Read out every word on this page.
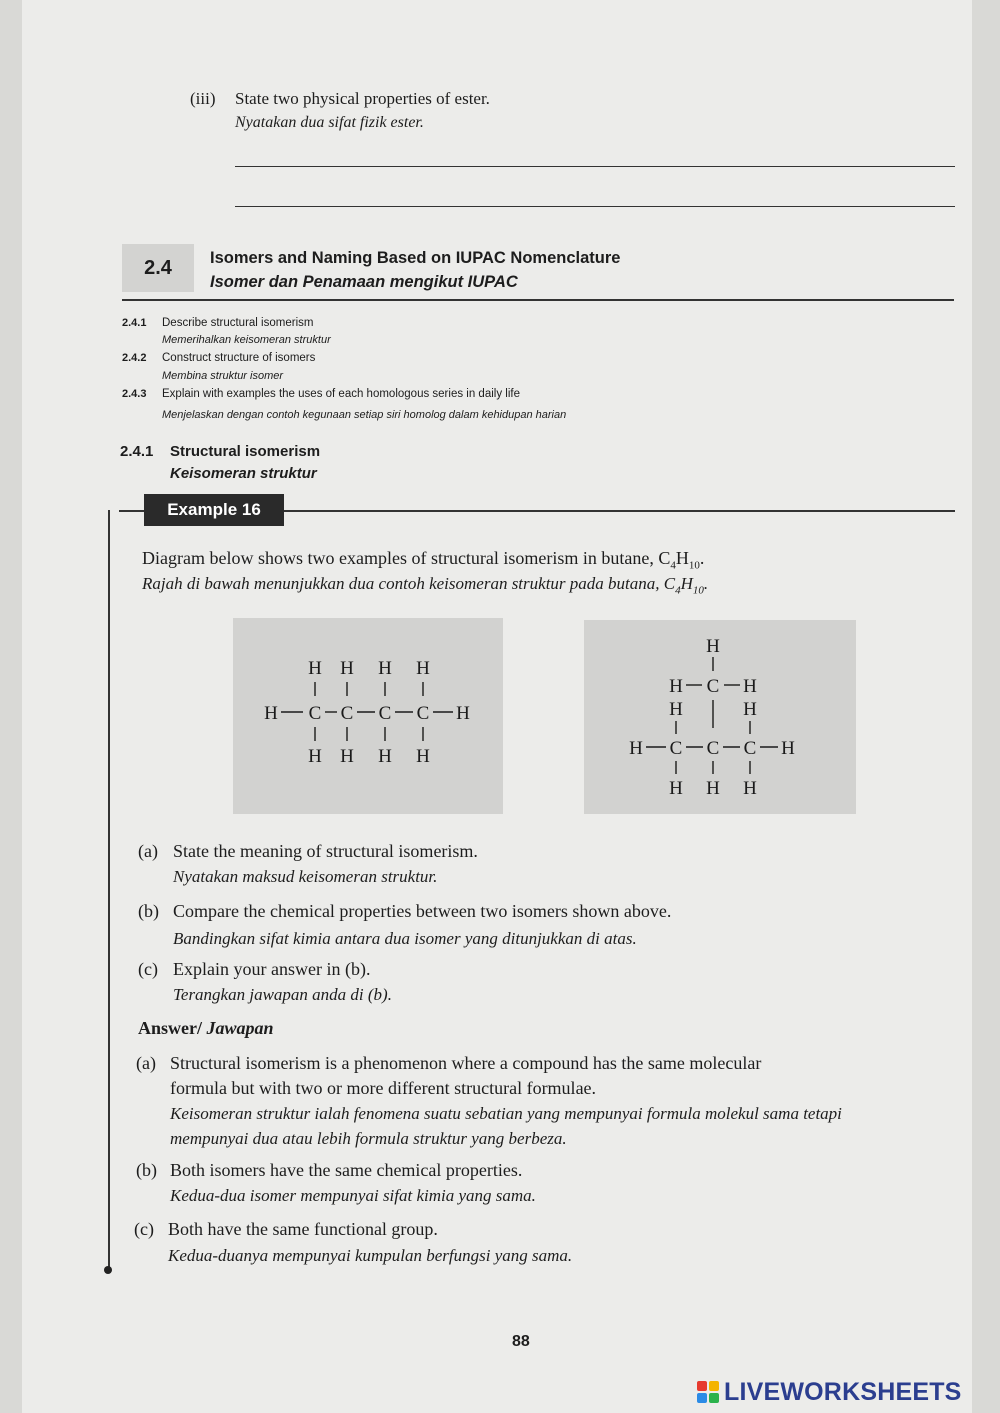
(iii) State two physical properties of ester.
Nyatakan dua sifat fizik ester.
2.4 Isomers and Naming Based on IUPAC Nomenclature
Isomer dan Penamaan mengikut IUPAC
2.4.1 Describe structural isomerism
Memerihalkan keisomeran struktur
2.4.2 Construct structure of isomers
Membina struktur isomer
2.4.3 Explain with examples the uses of each homologous series in daily life
Menjelaskan dengan contoh kegunaan setiap siri homolog dalam kehidupan harian
2.4.1 Structural isomerism
Keisomeran struktur
Example 16
Diagram below shows two examples of structural isomerism in butane, $C_4H_{10}$.
Rajah di bawah menunjukkan dua contoh keisomeran struktur pada butana, $C_4H_{10}$.
H H H H
H C C C C H
H H H H
H
H C H
H	H
H C C C H
H H H
(a) State the meaning of structural isomerism.
Nyatakan maksud keisomeran struktur.
(b) Compare the chemical properties between two isomers shown above.
Bandingkan sifat kimia antara dua isomer yang ditunjukkan di atas.
(c) Explain your answer in (b).
Terangkan jawapan anda di (b).
Answer/ Jawapan
(a) Structural isomerism is a phenomenon where a compound has the same molecular
formula but with two or more different structural formulae.
Keisomeran struktur ialah fenomena suatu sebatian yang mempunyai formula molekul sama tetapi
mempunyai dua atau lebih formula struktur yang berbeza.
(b) Both isomers have the same chemical properties.
Kedua-dua isomer mempunyai sifat kimia yang sama.
(c) Both have the same functional group.
Kedua-duanya mempunyai kumpulan berfungsi yang sama.
88
LIVEWORKSHEETS
